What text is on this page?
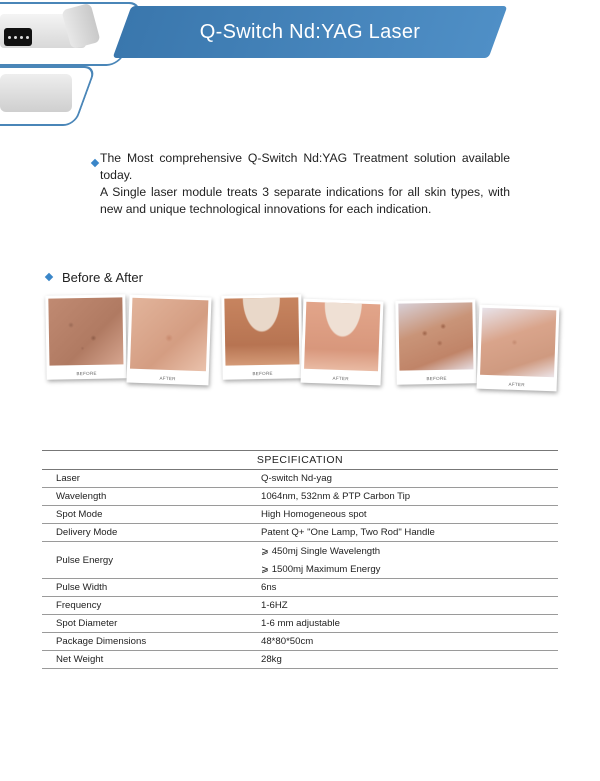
Q-Switch Nd:YAG Laser

The Most comprehensive Q-Switch Nd:YAG Treatment solution available today.

A Single laser module treats 3 separate indications for all skin types, with new and unique technological innovations for each indication.

Before & After
BEFORE
AFTER
BEFORE
AFTER	BEFORE
AFTER
SPECIFICATION	
Laser	Q-switch Nd-yag
Wavelength	1064nm, 532nm & PTP Carbon Tip
Spot Mode	High Homogeneous spot
Delivery Mode	Patent Q+ "One Lamp, Two Rod" Handle
Pulse Energy	⩾ 450mj Single Wavelength
	⩾ 1500mj Maximum Energy
Pulse Width	6ns
Frequency	1-6HZ
Spot Diameter	1-6 mm adjustable
Package Dimensions	48*80*50cm
Net Weight	28kg
